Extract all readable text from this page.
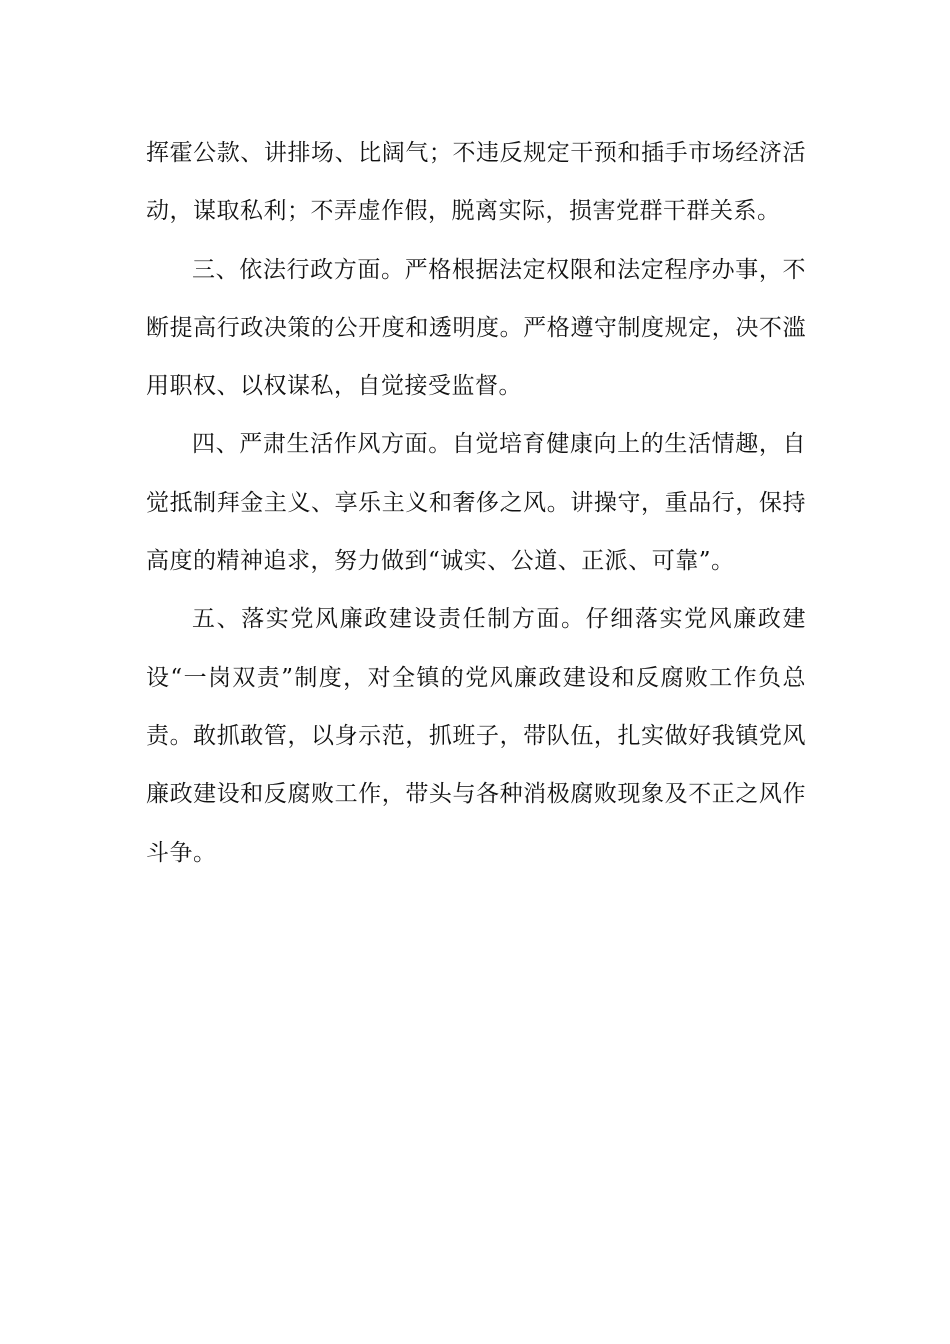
挥霍公款、讲排场、比阔气；不违反规定干预和插手市场经济活动，谋取私利；不弄虚作假，脱离实际，损害党群干群关系。

三、依法行政方面。严格根据法定权限和法定程序办事，不断提高行政决策的公开度和透明度。严格遵守制度规定，决不滥用职权、以权谋私，自觉接受监督。

四、严肃生活作风方面。自觉培育健康向上的生活情趣，自觉抵制拜金主义、享乐主义和奢侈之风。讲操守，重品行，保持高度的精神追求，努力做到“诚实、公道、正派、可靠”。

五、落实党风廉政建设责任制方面。仔细落实党风廉政建设“一岗双责”制度，对全镇的党风廉政建设和反腐败工作负总责。敢抓敢管，以身示范，抓班子，带队伍，扎实做好我镇党风廉政建设和反腐败工作，带头与各种消极腐败现象及不正之风作斗争。
